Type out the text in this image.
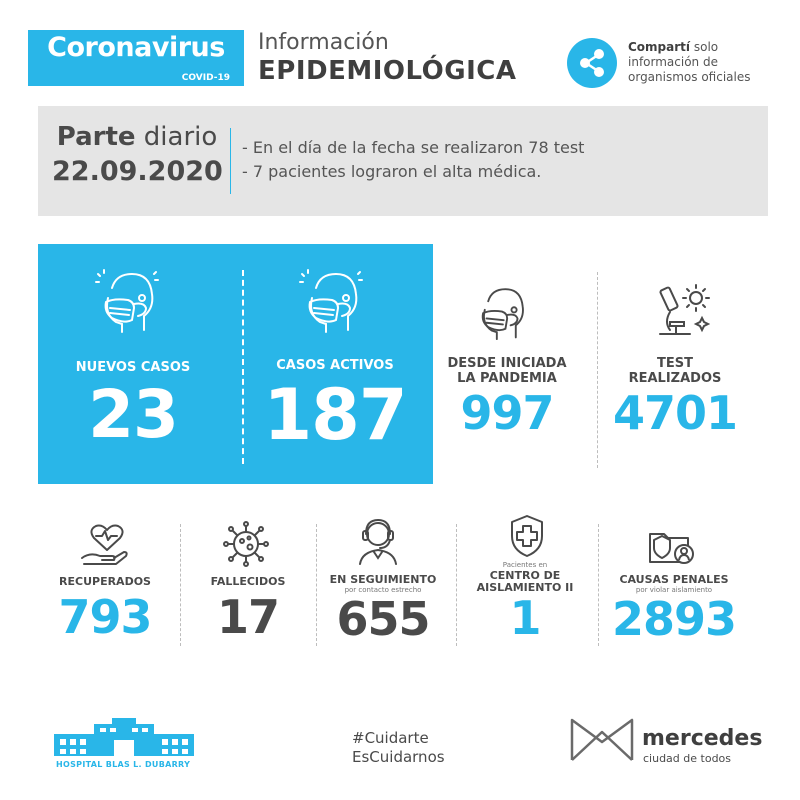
Coronavirus
COVID-19
Información
EPIDEMIOLÓGICA
Compartí solo
información de
organismos oficiales
Parte diario
22.09.2020
- En el día de la fecha se realizaron 78 test
- 7 pacientes lograron el alta médica.
NUEVOS CASOS
23
CASOS ACTIVOS
187
DESDE INICIADA
LA PANDEMIA
997
TEST
REALIZADOS
4701
RECUPERADOS
793
FALLECIDOS
17
EN SEGUIMIENTO
por contacto estrecho
655
Pacientes en
CENTRO DE
AISLAMIENTO II
1
CAUSAS PENALES
por violar aislamiento
2893
HOSPITAL BLAS L. DUBARRY
#Cuidarte
EsCuidarnos
mercedes
ciudad de todos
